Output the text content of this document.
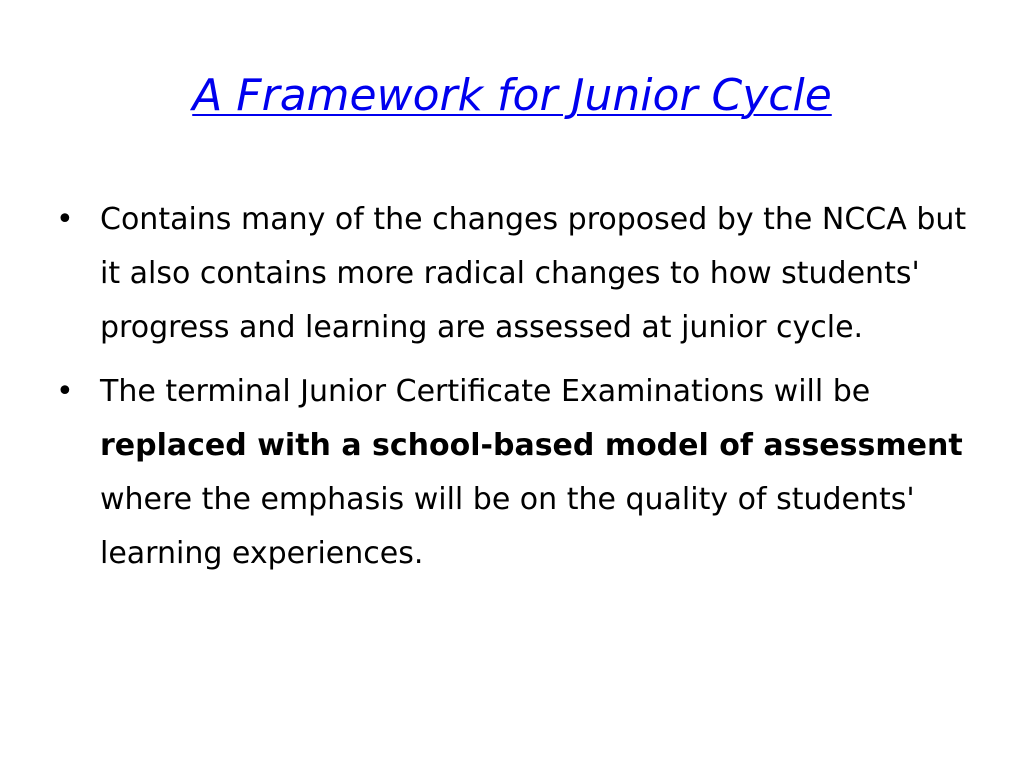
A Framework for Junior Cycle
• Contains many of the changes proposed by the NCCA but it also contains more radical changes to how students' progress and learning are assessed at junior cycle.
• The terminal Junior Certificate Examinations will be replaced with a school-based model of assessment where the emphasis will be on the quality of students' learning experiences.
